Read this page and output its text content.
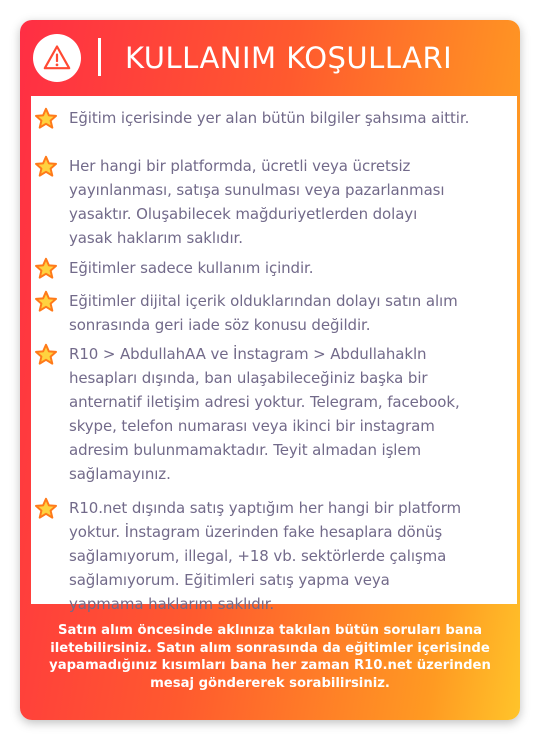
KULLANIM KOŞULLARI
Eğitim içerisinde yer alan bütün bilgiler şahsıma aittir.
Her hangi bir platformda, ücretli veya ücretsiz
yayınlanması, satışa sunulması veya pazarlanması
yasaktır. Oluşabilecek mağduriyetlerden dolayı
yasak haklarım saklıdır.
Eğitimler sadece kullanım içindir.
Eğitimler dijital içerik olduklarından dolayı satın alım
sonrasında geri iade söz konusu değildir.
R10 > AbdullahAA ve İnstagram > Abdullahakln
hesapları dışında, ban ulaşabileceğiniz başka bir
anternatif iletişim adresi yoktur. Telegram, facebook,
skype, telefon numarası veya ikinci bir instagram
adresim bulunmamaktadır. Teyit almadan işlem
sağlamayınız.
R10.net dışında satış yaptığım her hangi bir platform
yoktur. İnstagram üzerinden fake hesaplara dönüş
sağlamıyorum, illegal, +18 vb. sektörlerde çalışma
sağlamıyorum. Eğitimleri satış yapma veya
yapmama haklarım saklıdır.
Satın alım öncesinde aklınıza takılan bütün soruları bana
iletebilirsiniz. Satın alım sonrasında da eğitimler içerisinde
yapamadığınız kısımları bana her zaman R10.net üzerinden
mesaj göndererek sorabilirsiniz.
